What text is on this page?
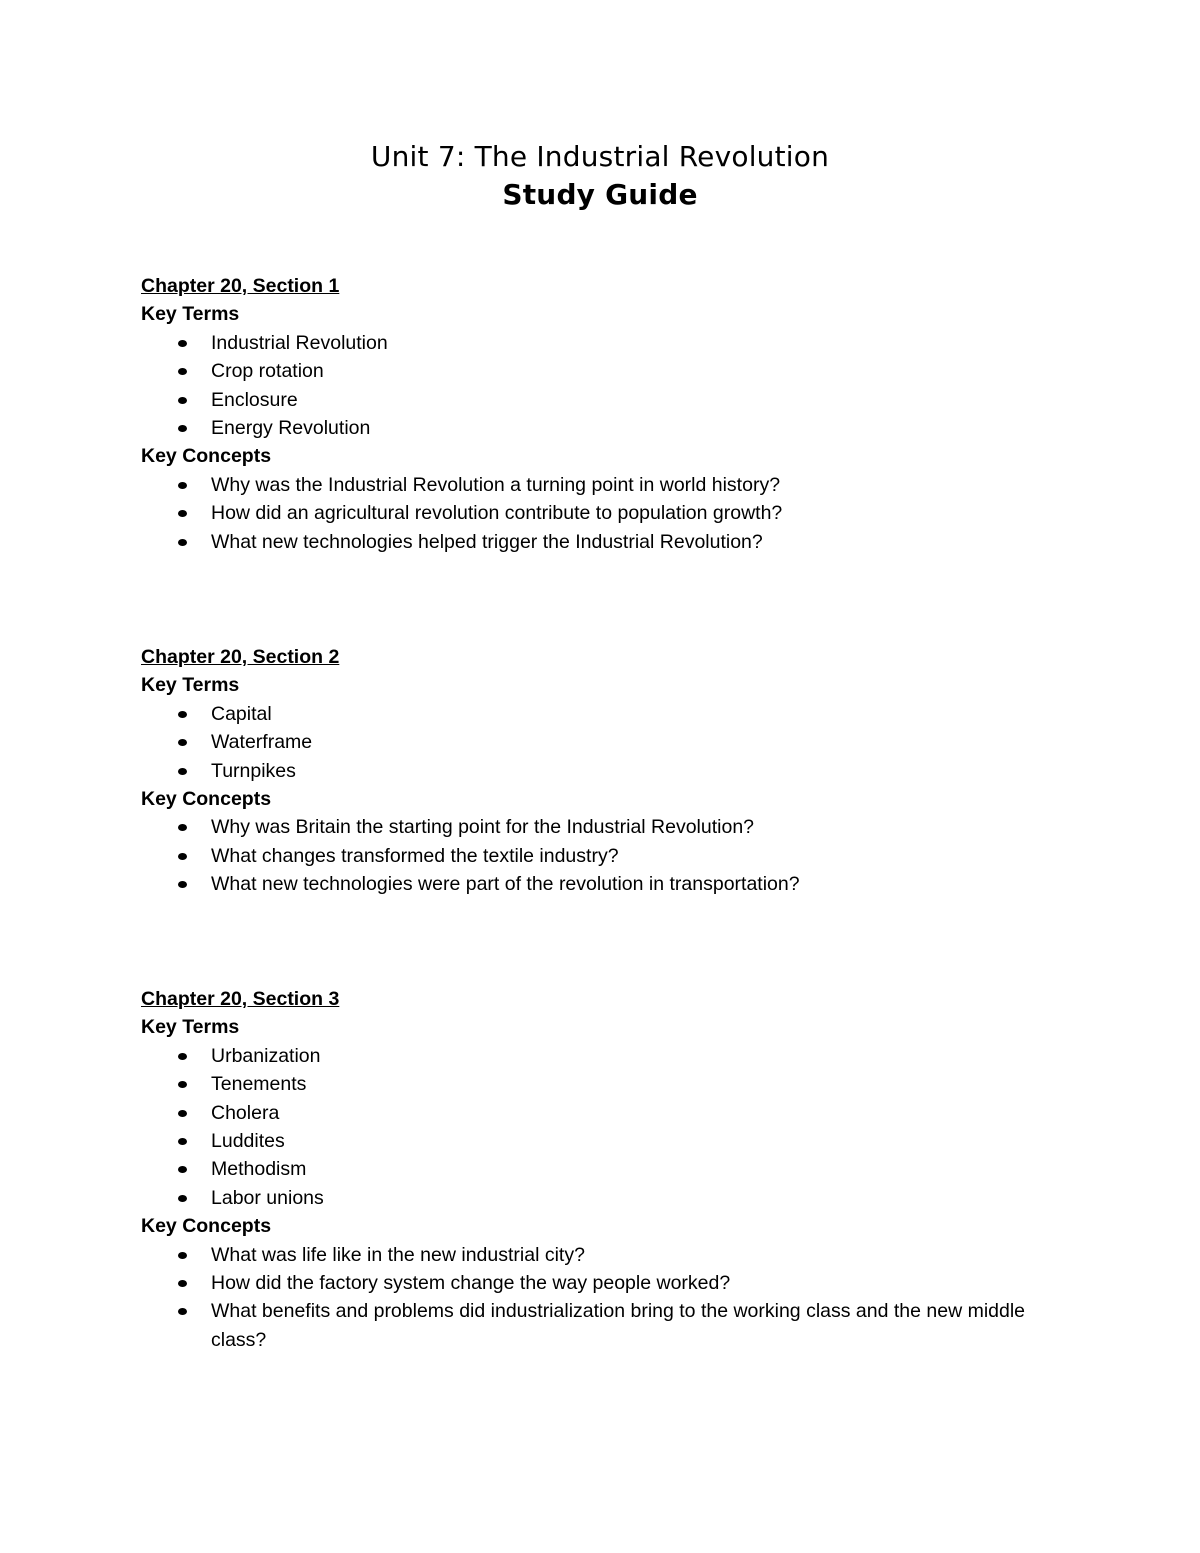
Unit 7: The Industrial Revolution
Study Guide
Chapter 20, Section 1
Key Terms
Industrial Revolution
Crop rotation
Enclosure
Energy Revolution
Key Concepts
Why was the Industrial Revolution a turning point in world history?
How did an agricultural revolution contribute to population growth?
What new technologies helped trigger the Industrial Revolution?
Chapter 20, Section 2
Key Terms
Capital
Waterframe
Turnpikes
Key Concepts
Why was Britain the starting point for the Industrial Revolution?
What changes transformed the textile industry?
What new technologies were part of the revolution in transportation?
Chapter 20, Section 3
Key Terms
Urbanization
Tenements
Cholera
Luddites
Methodism
Labor unions
Key Concepts
What was life like in the new industrial city?
How did the factory system change the way people worked?
What benefits and problems did industrialization bring to the working class and the new middle class?
